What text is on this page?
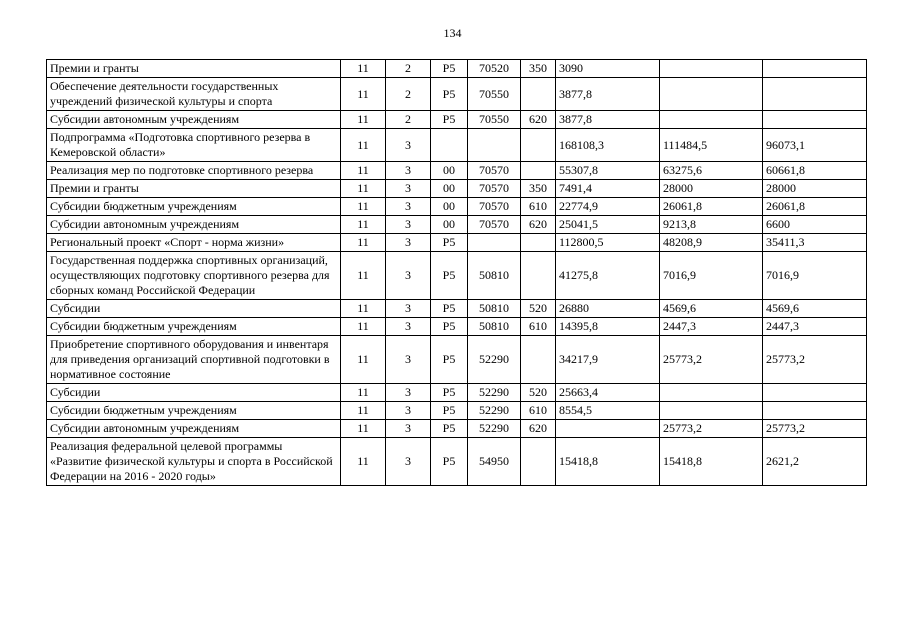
134
Премии и гранты	11	2	Р5	70520	350	3090		
Обеспечение деятельности государственных учреждений физической культуры и спорта	11	2	Р5	70550		3877,8		
Субсидии автономным учреждениям	11	2	Р5	70550	620	3877,8		
Подпрограмма «Подготовка спортивного резерва в Кемеровской области»	11	3				168108,3	111484,5	96073,1
Реализация мер по подготовке спортивного резерва	11	3	00	70570		55307,8	63275,6	60661,8
Премии и гранты	11	3	00	70570	350	7491,4	28000	28000
Субсидии бюджетным учреждениям	11	3	00	70570	610	22774,9	26061,8	26061,8
Субсидии автономным учреждениям	11	3	00	70570	620	25041,5	9213,8	6600
Региональный проект «Спорт - норма жизни»	11	3	Р5			112800,5	48208,9	35411,3
Государственная поддержка спортивных организаций, осуществляющих подготовку спортивного резерва для сборных команд Российской Федерации	11	3	Р5	50810		41275,8	7016,9	7016,9
Субсидии	11	3	Р5	50810	520	26880	4569,6	4569,6
Субсидии бюджетным учреждениям	11	3	Р5	50810	610	14395,8	2447,3	2447,3
Приобретение спортивного оборудования и инвентаря для приведения организаций спортивной подготовки в нормативное состояние	11	3	Р5	52290		34217,9	25773,2	25773,2
Субсидии	11	3	Р5	52290	520	25663,4		
Субсидии бюджетным учреждениям	11	3	Р5	52290	610	8554,5		
Субсидии автономным учреждениям	11	3	Р5	52290	620		25773,2	25773,2
Реализация федеральной целевой программы «Развитие физической культуры и спорта в Российской Федерации на 2016 - 2020 годы»	11	3	Р5	54950		15418,8	15418,8	2621,2
